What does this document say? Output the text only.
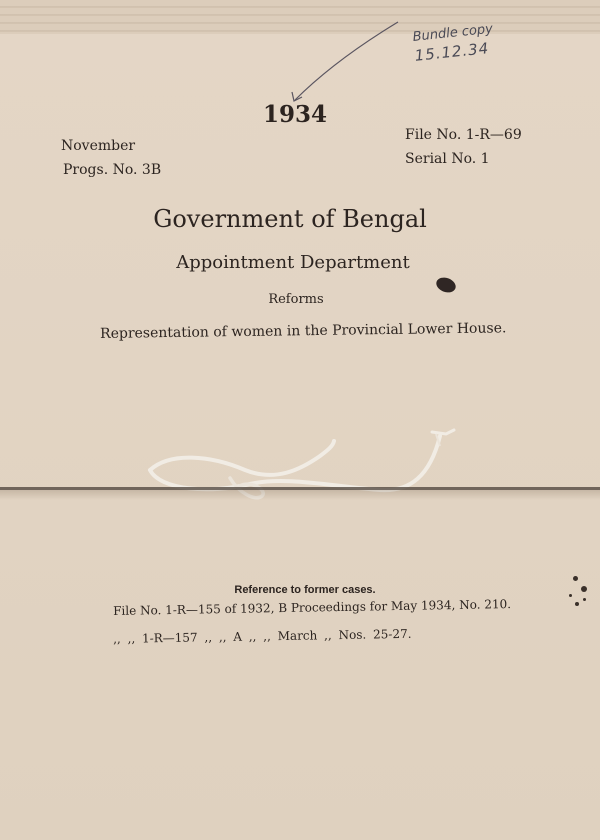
Bundle copy
15.12.34
1934
November
Progs. No. 3B
File No. 1-R—69
Serial No. 1
Government of Bengal
Appointment Department
Reforms
Representation of women in the Provincial Lower House.
Reference to former cases.
File No. 1-R—155 of 1932, B Proceedings for May 1934, No. 210.
,, ,, 1-R—157 ,, ,, A ,, ,, March ,, Nos. 25-27.
